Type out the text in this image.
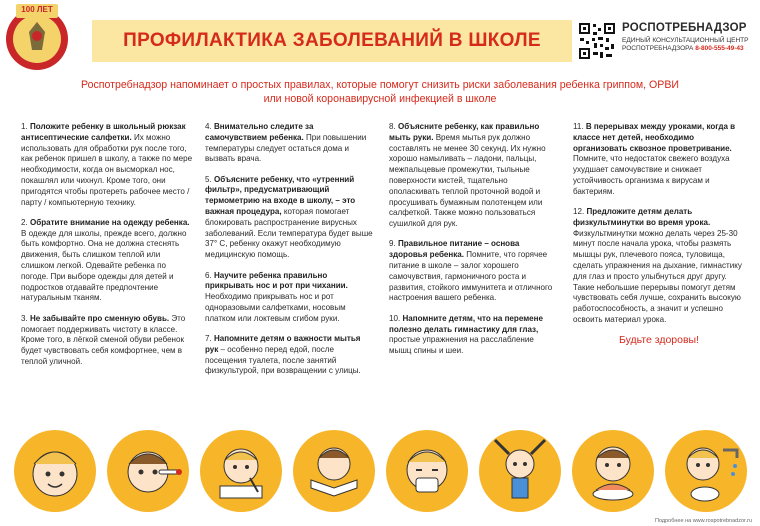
100 ЛЕТ
ПРОФИЛАКТИКА ЗАБОЛЕВАНИЙ В ШКОЛЕ
РОСПОТРЕБНАДЗОР
ЕДИНЫЙ КОНСУЛЬТАЦИОННЫЙ ЦЕНТР
РОСПОТРЕБНАДЗОРА 8-800-555-49-43
Роспотребнадзор напоминает о простых правилах, которые помогут снизить риски заболевания ребенка гриппом, ОРВИ или новой коронавирусной инфекцией в школе

1. Положите ребенку в школьный рюкзак антисептические салфетки. Их можно использовать для обработки рук после того, как ребенок пришел в школу, а также по мере необходимости, когда он высморкал нос, покашлял или чихнул. Кроме того, они пригодятся чтобы протереть рабочее место / парту / компьютерную технику.

2. Обратите внимание на одежду ребенка. В одежде для школы, прежде всего, должно быть комфортно. Она не должна стеснять движения, быть слишком теплой или слишком легкой. Одевайте ребенка по погоде. При выборе одежды для детей и подростков отдавайте предпочтение натуральным тканям.

3. Не забывайте про сменную обувь. Это помогает поддерживать чистоту в классе. Кроме того, в лёгкой сменой обуви ребенок будет чувствовать себя комфортнее, чем в теплой уличной.

4. Внимательно следите за самочувствием ребенка. При повышении температуры следует остаться дома и вызвать врача.

5. Объясните ребенку, что «утренний фильтр», предусматривающий термометрию на входе в школу, – это важная процедура, которая помогает блокировать распространение вирусных заболеваний. Если температура будет выше 37° С, ребенку окажут необходимую медицинскую помощь.

6. Научите ребенка правильно прикрывать нос и рот при чихании. Необходимо прикрывать нос и рот одноразовыми салфетками, носовым платком или локтевым сгибом руки.

7. Напомните детям о важности мытья рук – особенно перед едой, после посещения туалета, после занятий физкультурой, при возвращении с улицы.

8. Объясните ребенку, как правильно мыть руки. Время мытья рук должно составлять не менее 30 секунд. Их нужно хорошо намыливать – ладони, пальцы, межпальцевые промежутки, тыльные поверхности кистей, тщательно ополаскивать теплой проточной водой и просушивать бумажным полотенцем или салфеткой. Также можно пользоваться сушилкой для рук.

9. Правильное питание – основа здоровья ребенка. Помните, что горячее питание в школе – залог хорошего самочувствия, гармоничного роста и развития, стойкого иммунитета и отличного настроения вашего ребенка.

10. Напомните детям, что на перемене полезно делать гимнастику для глаз, простые упражнения на расслабление мышц спины и шеи.

11. В перерывах между уроками, когда в классе нет детей, необходимо организовать сквозное проветривание. Помните, что недостаток свежего воздуха ухудшает самочувствие и снижает устойчивость организма к вирусам и бактериям.

12. Предложите детям делать физкультминутки во время урока. Физкультминутки можно делать через 25-30 минут после начала урока, чтобы размять мышцы рук, плечевого пояса, туловища, сделать упражнения на дыхание, гимнастику для глаз и просто улыбнуться друг другу. Такие небольшие перерывы помогут детям чувствовать себя лучше, сохранить высокую работоспособность, а значит и успешно освоить материал урока.

Будьте здоровы!
Подробнее на www.rospotrebnadzor.ru
